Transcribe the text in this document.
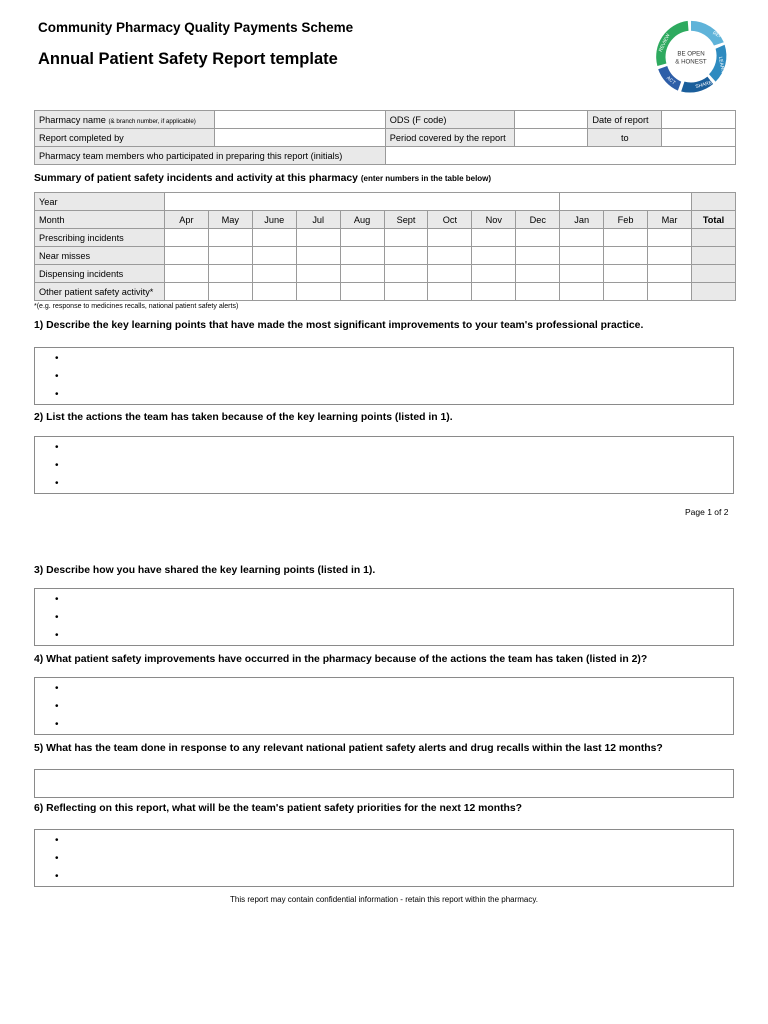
Community Pharmacy Quality Payments Scheme
Annual Patient Safety Report template
REPORT
LEARN
SHARE
ACT
REVIEW
BE OPEN
& HONEST
Pharmacy name (& branch number, if applicable)		ODS (F code)		Date of report	
Report completed by		Period covered by the report		to	
Pharmacy team members who participated in preparing this report (initials)					
Summary of patient safety incidents and activity at this pharmacy (enter numbers in the table below)
Year													
Month	Apr	May	June	Jul	Aug	Sept	Oct	Nov	Dec	Jan	Feb	Mar	Total
Prescribing incidents													
Near misses													
Dispensing incidents													
Other patient safety activity*													
*(e.g. response to medicines recalls, national patient safety alerts)
1) Describe the key learning points that have made the most significant improvements to your team's professional practice.
•
•
•
2) List the actions the team has taken because of the key learning points (listed in 1).
•
•
•
Page 1 of 2
3) Describe how you have shared the key learning points (listed in 1).
•
•
•
4) What patient safety improvements have occurred in the pharmacy because of the actions the team has taken (listed in 2)?
•
•
•
5) What has the team done in response to any relevant national patient safety alerts and drug recalls within the last 12 months?
6) Reflecting on this report, what will be the team's patient safety priorities for the next 12 months?
•
•
•
This report may contain confidential information - retain this report within the pharmacy.
